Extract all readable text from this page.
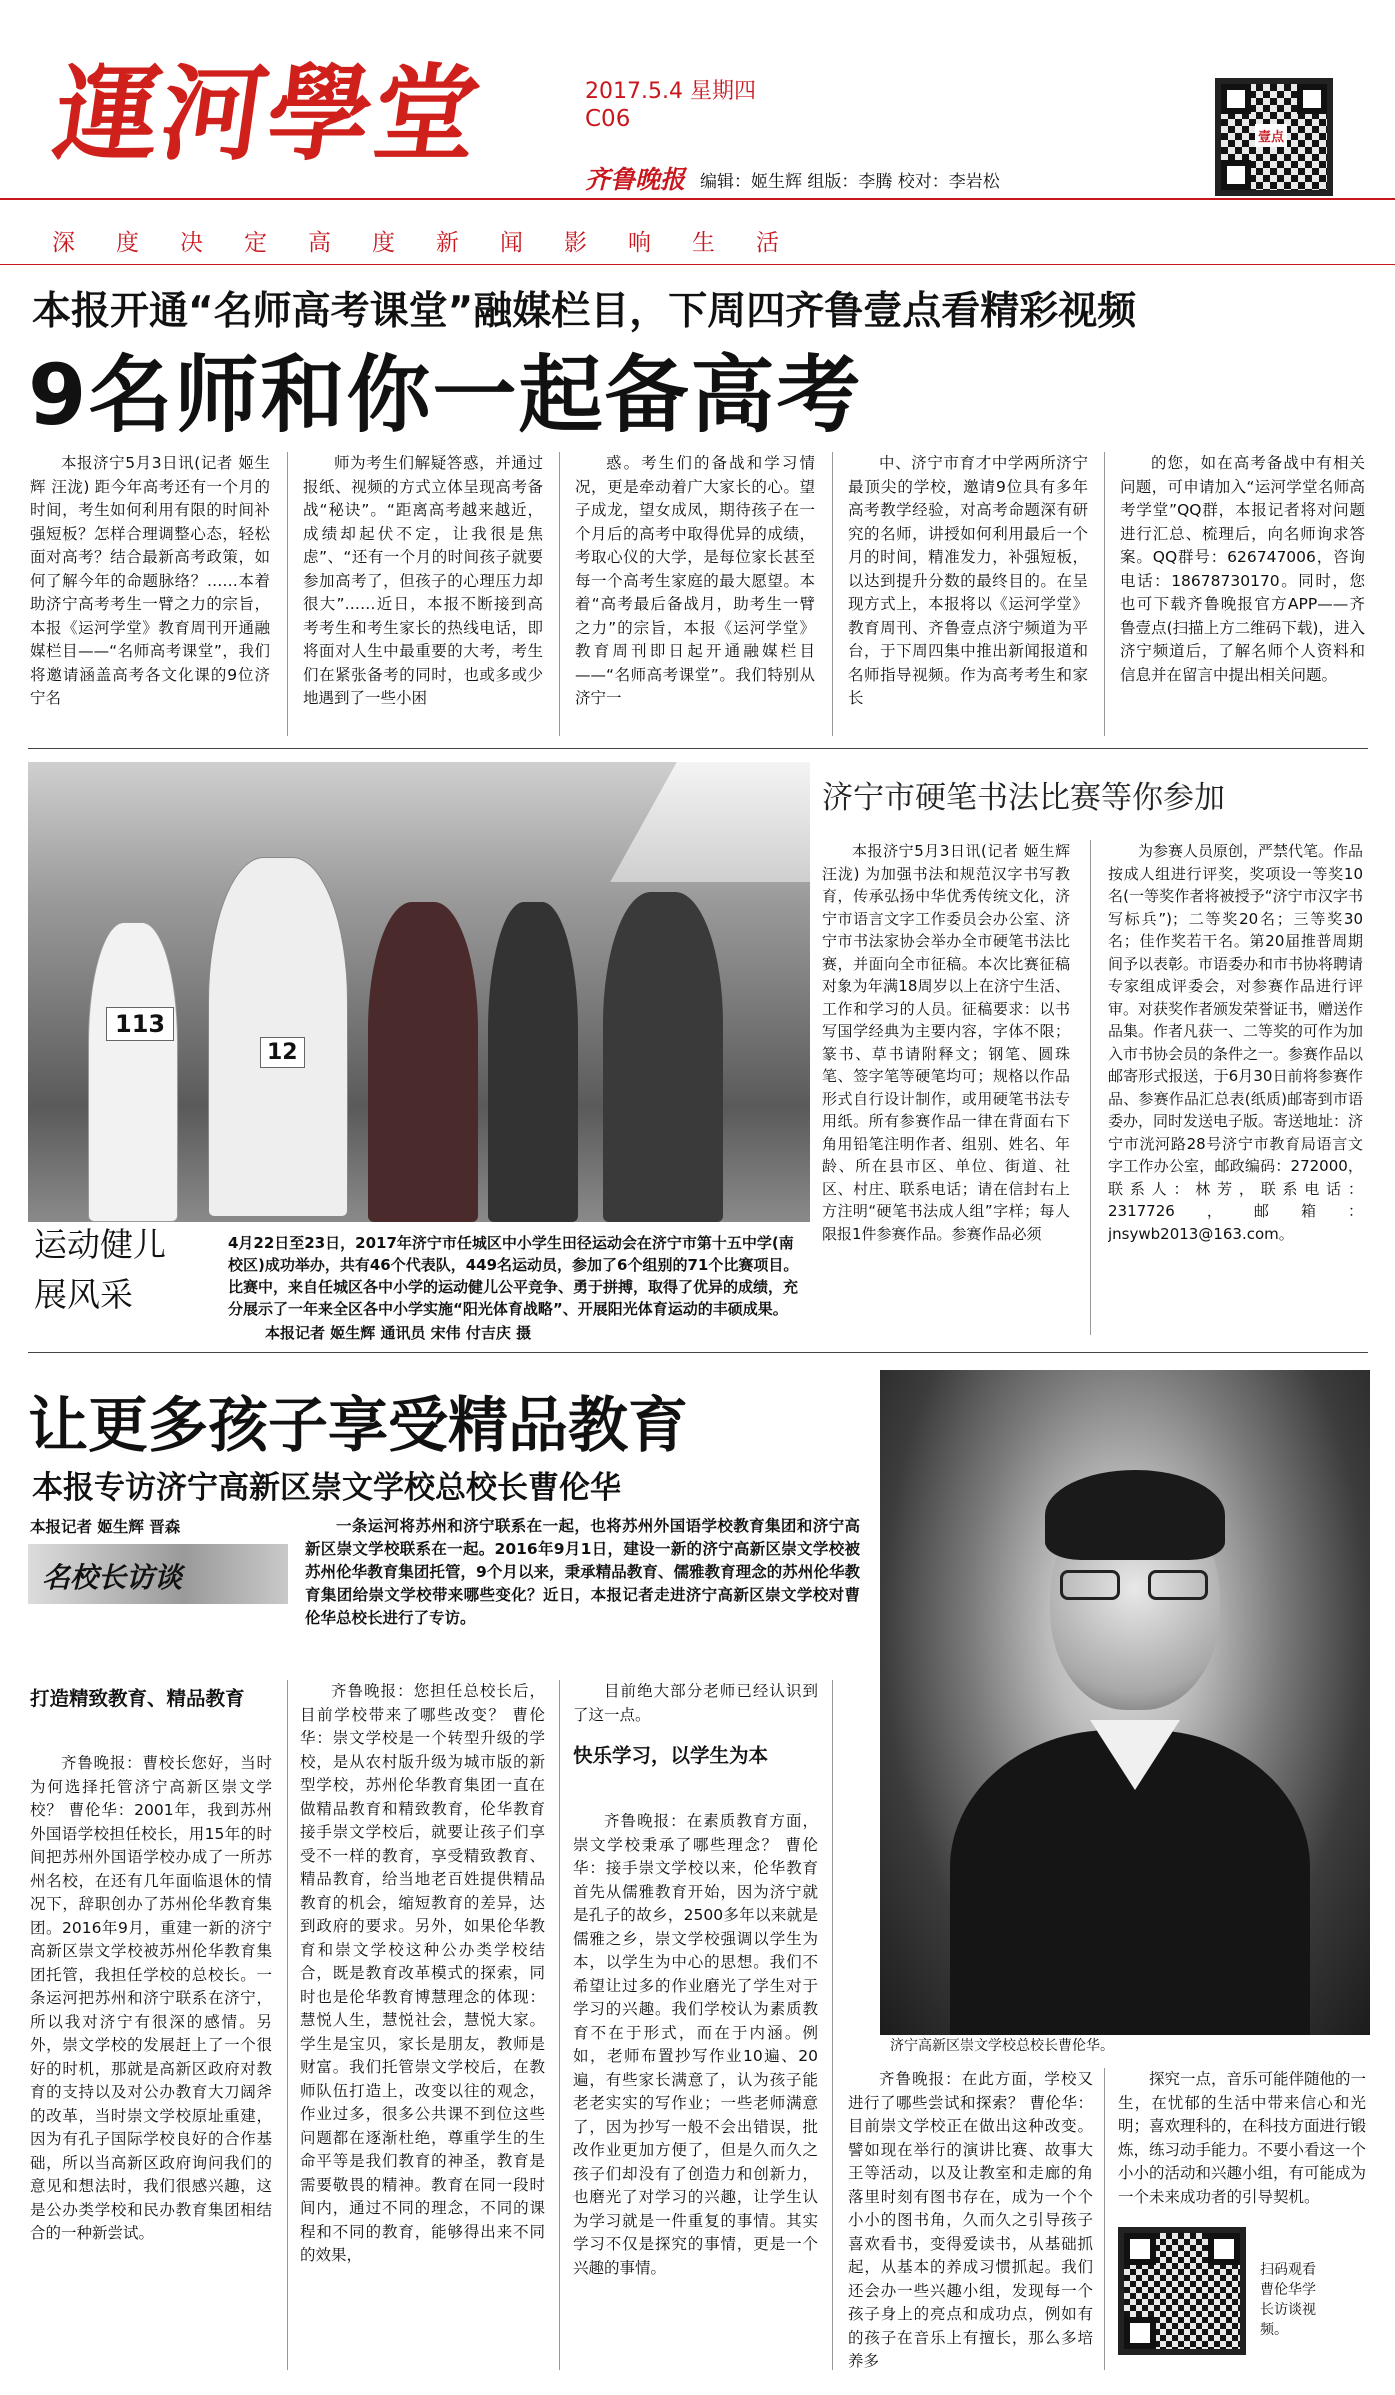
運河學堂	2017.5.4 星期四
C06
齐鲁晚报 编辑：姬生辉 组版：李腾 校对：李岩松
壹点
深度决定高度新闻影响生活
本报开通“名师高考课堂”融媒栏目，下周四齐鲁壹点看精彩视频
9名师和你一起备高考

本报济宁5月3日讯(记者 姬生辉 汪泷) 距今年高考还有一个月的时间，考生如何利用有限的时间补强短板？怎样合理调整心态，轻松面对高考？结合最新高考政策，如何了解今年的命题脉络？……本着助济宁高考考生一臂之力的宗旨，本报《运河学堂》教育周刊开通融媒栏目——“名师高考课堂”，我们将邀请涵盖高考各文化课的9位济宁名

师为考生们解疑答惑，并通过报纸、视频的方式立体呈现高考备战“秘诀”。“距离高考越来越近，成绩却起伏不定，让我很是焦虑”、“还有一个月的时间孩子就要参加高考了，但孩子的心理压力却很大”……近日，本报不断接到高考考生和考生家长的热线电话，即将面对人生中最重要的大考，考生们在紧张备考的同时，也或多或少地遇到了一些小困

惑。考生们的备战和学习情况，更是牵动着广大家长的心。望子成龙，望女成凤，期待孩子在一个月后的高考中取得优异的成绩，考取心仪的大学，是每位家长甚至每一个高考生家庭的最大愿望。本着“高考最后备战月，助考生一臂之力”的宗旨，本报《运河学堂》教育周刊即日起开通融媒栏目——“名师高考课堂”。我们特别从济宁一

中、济宁市育才中学两所济宁最顶尖的学校，邀请9位具有多年高考教学经验，对高考命题深有研究的名师，讲授如何利用最后一个月的时间，精准发力，补强短板，以达到提升分数的最终目的。在呈现方式上，本报将以《运河学堂》教育周刊、齐鲁壹点济宁频道为平台，于下周四集中推出新闻报道和名师指导视频。作为高考考生和家长

的您，如在高考备战中有相关问题，可申请加入“运河学堂名师高考学堂”QQ群，本报记者将对问题进行汇总、梳理后，向名师询求答案。QQ群号：626747006，咨询电话：18678730170。同时，您也可下载齐鲁晚报官方APP——齐鲁壹点(扫描上方二维码下载)，进入济宁频道后，了解名师个人资料和信息并在留言中提出相关问题。

113
12
运动健儿
展风采
4月22日至23日，2017年济宁市任城区中小学生田径运动会在济宁市第十五中学(南校区)成功举办，共有46个代表队，449名运动员，参加了6个组别的71个比赛项目。比赛中，来自任城区各中小学的运动健儿公平竞争、勇于拼搏，取得了优异的成绩，充分展示了一年来全区各中小学实施“阳光体育战略”、开展阳光体育运动的丰硕成果。
本报记者 姬生辉 通讯员 宋伟 付吉庆 摄
济宁市硬笔书法比赛等你参加

本报济宁5月3日讯(记者 姬生辉 汪泷) 为加强书法和规范汉字书写教育，传承弘扬中华优秀传统文化，济宁市语言文字工作委员会办公室、济宁市书法家协会举办全市硬笔书法比赛，并面向全市征稿。本次比赛征稿对象为年满18周岁以上在济宁生活、工作和学习的人员。征稿要求：以书写国学经典为主要内容，字体不限；篆书、草书请附释文；钢笔、圆珠笔、签字笔等硬笔均可；规格以作品形式自行设计制作，或用硬笔书法专用纸。所有参赛作品一律在背面右下角用铅笔注明作者、组别、姓名、年龄、所在县市区、单位、街道、社区、村庄、联系电话；请在信封右上方注明“硬笔书法成人组”字样；每人限报1件参赛作品。参赛作品必须

为参赛人员原创，严禁代笔。作品按成人组进行评奖，奖项设一等奖10名(一等奖作者将被授予“济宁市汉字书写标兵”)；二等奖20名；三等奖30名；佳作奖若干名。第20届推普周期间予以表彰。市语委办和市书协将聘请专家组成评委会，对参赛作品进行评审。对获奖作者颁发荣誉证书，赠送作品集。作者凡获一、二等奖的可作为加入市书协会员的条件之一。参赛作品以邮寄形式报送，于6月30日前将参赛作品、参赛作品汇总表(纸质)邮寄到市语委办，同时发送电子版。寄送地址：济宁市洸河路28号济宁市教育局语言文字工作办公室，邮政编码：272000，联系人：林芳，联系电话：2317726，邮箱：jnsywb2013@163.com。

让更多孩子享受精品教育
本报专访济宁高新区崇文学校总校长曹伦华
本报记者 姬生辉 晋森
名校长访谈

一条运河将苏州和济宁联系在一起，也将苏州外国语学校教育集团和济宁高新区崇文学校联系在一起。2016年9月1日，建设一新的济宁高新区崇文学校被苏州伦华教育集团托管，9个月以来，秉承精品教育、儒雅教育理念的苏州伦华教育集团给崇文学校带来哪些变化？近日，本报记者走进济宁高新区崇文学校对曹伦华总校长进行了专访。

打造精致教育、精品教育

齐鲁晚报：曹校长您好，当时为何选择托管济宁高新区崇文学校？ 曹伦华：2001年，我到苏州外国语学校担任校长，用15年的时间把苏州外国语学校办成了一所苏州名校，在还有几年面临退休的情况下，辞职创办了苏州伦华教育集团。2016年9月，重建一新的济宁高新区崇文学校被苏州伦华教育集团托管，我担任学校的总校长。一条运河把苏州和济宁联系在济宁，所以我对济宁有很深的感情。另外，崇文学校的发展赶上了一个很好的时机，那就是高新区政府对教育的支持以及对公办教育大刀阔斧的改革，当时崇文学校原址重建，因为有孔子国际学校良好的合作基础，所以当高新区政府询问我们的意见和想法时，我们很感兴趣，这是公办类学校和民办教育集团相结合的一种新尝试。

齐鲁晚报：您担任总校长后，目前学校带来了哪些改变？ 曹伦华：崇文学校是一个转型升级的学校，是从农村版升级为城市版的新型学校，苏州伦华教育集团一直在做精品教育和精致教育，伦华教育接手崇文学校后，就要让孩子们享受不一样的教育，享受精致教育、精品教育，给当地老百姓提供精品教育的机会，缩短教育的差异，达到政府的要求。另外，如果伦华教育和崇文学校这种公办类学校结合，既是教育改革模式的探索，同时也是伦华教育博慧理念的体现：慧悦人生，慧悦社会，慧悦大家。学生是宝贝，家长是朋友，教师是财富。我们托管崇文学校后，在教师队伍打造上，改变以往的观念，作业过多，很多公共课不到位这些问题都在逐渐杜绝，尊重学生的生命平等是我们教育的神圣，教育是需要敬畏的精神。教育在同一段时间内，通过不同的理念，不同的课程和不同的教育，能够得出来不同的效果，

目前绝大部分老师已经认识到了这一点。

快乐学习，以学生为本

齐鲁晚报：在素质教育方面，崇文学校秉承了哪些理念？ 曹伦华：接手崇文学校以来，伦华教育首先从儒雅教育开始，因为济宁就是孔子的故乡，2500多年以来就是儒雅之乡，崇文学校强调以学生为本，以学生为中心的思想。我们不希望让过多的作业磨光了学生对于学习的兴趣。我们学校认为素质教育不在于形式，而在于内涵。例如，老师布置抄写作业10遍、20遍，有些家长满意了，认为孩子能老老实实的写作业；一些老师满意了，因为抄写一般不会出错误，批改作业更加方便了，但是久而久之孩子们却没有了创造力和创新力，也磨光了对学习的兴趣，让学生认为学习就是一件重复的事情。其实学习不仅是探究的事情，更是一个兴趣的事情。

济宁高新区崇文学校总校长曹伦华。

齐鲁晚报：在此方面，学校又进行了哪些尝试和探索？ 曹伦华：目前崇文学校正在做出这种改变。譬如现在举行的演讲比赛、故事大王等活动，以及让教室和走廊的角落里时刻有图书存在，成为一个个小小的图书角，久而久之引导孩子喜欢看书，变得爱读书，从基础抓起，从基本的养成习惯抓起。我们还会办一些兴趣小组，发现每一个孩子身上的亮点和成功点，例如有的孩子在音乐上有擅长，那么多培养多

探究一点，音乐可能伴随他的一生，在忧郁的生活中带来信心和光明；喜欢理科的，在科技方面进行锻炼，练习动手能力。不要小看这一个小小的活动和兴趣小组，有可能成为一个未来成功者的引导契机。

扫码观看曹伦华学长访谈视频。
